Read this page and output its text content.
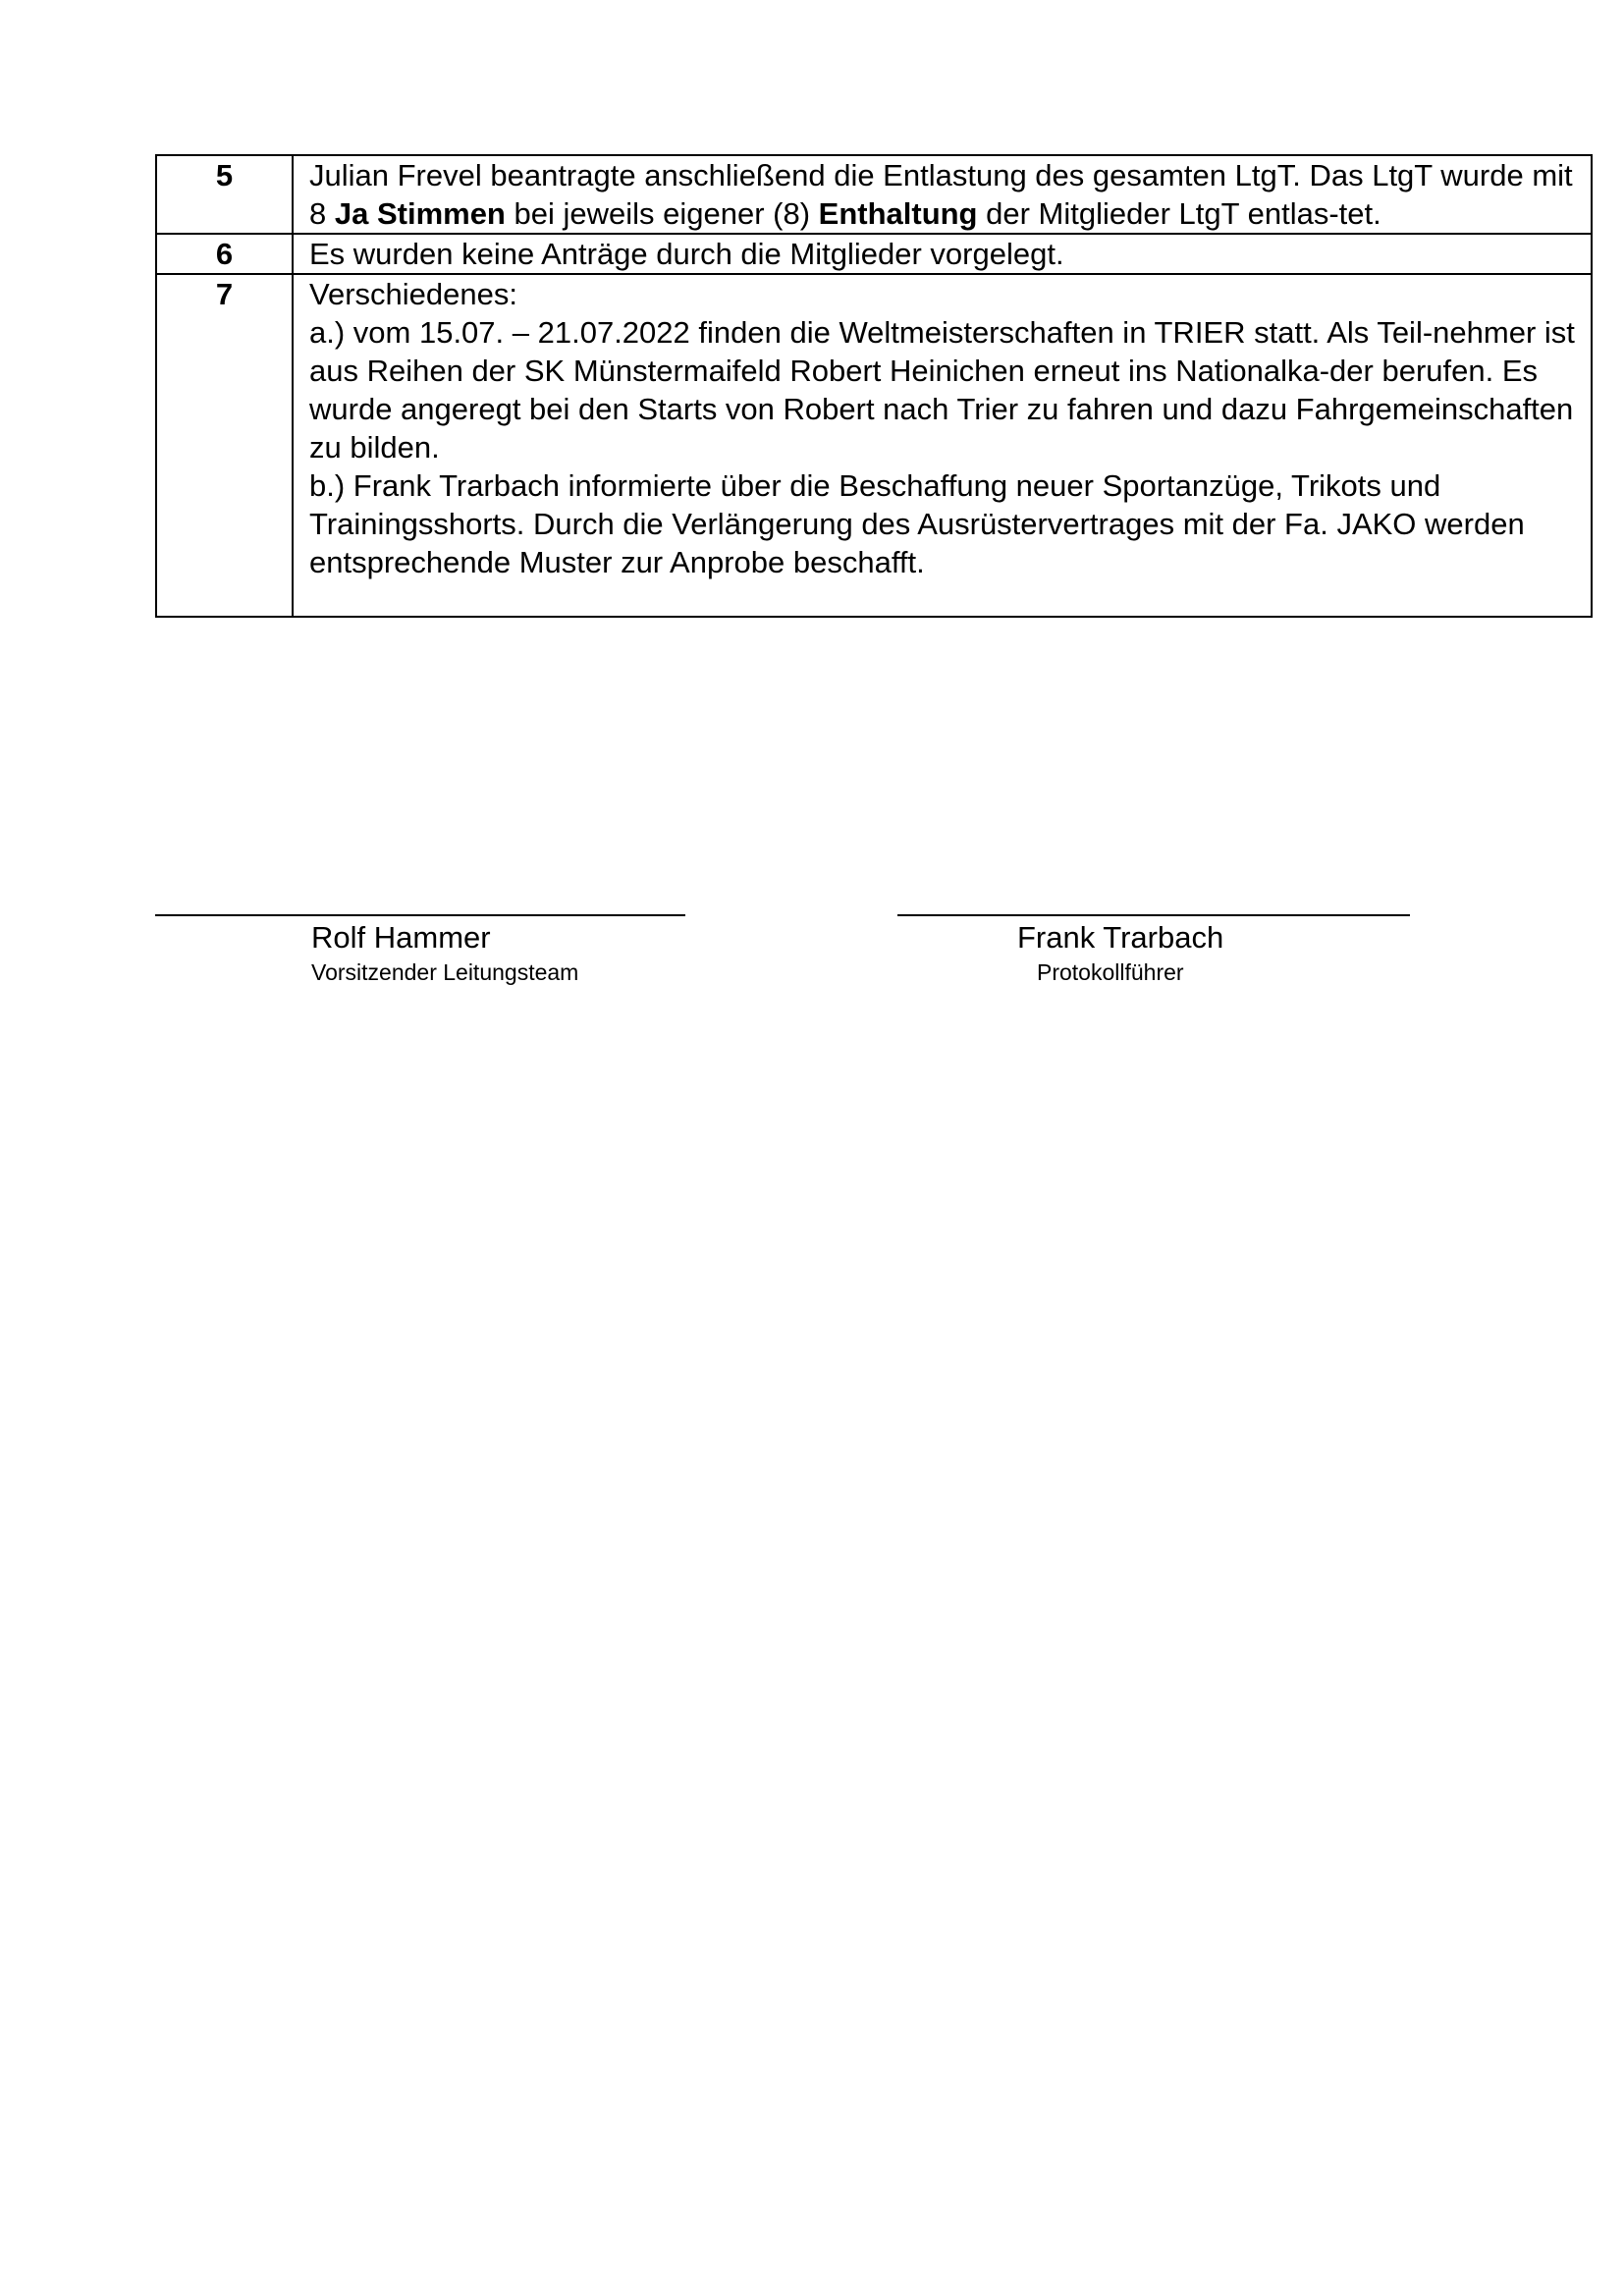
5	Julian Frevel beantragte anschließend die Entlastung des gesamten LtgT. Das LtgT wurde mit 8 Ja Stimmen bei jeweils eigener (8) Enthaltung der Mitglieder LtgT entlas-tet.
6	Es wurden keine Anträge durch die Mitglieder vorgelegt.
7	Verschiedenes:
a.) vom 15.07. – 21.07.2022 finden die Weltmeisterschaften in TRIER statt. Als Teil-nehmer ist aus Reihen der SK Münstermaifeld Robert Heinichen erneut ins Nationalka-der berufen. Es wurde angeregt bei den Starts von Robert nach Trier zu fahren und dazu Fahrgemeinschaften zu bilden.
b.) Frank Trarbach informierte über die Beschaffung neuer Sportanzüge, Trikots und Trainingsshorts. Durch die Verlängerung des Ausrüstervertrages mit der Fa. JAKO werden entsprechende Muster zur Anprobe beschafft.
Rolf Hammer
Vorsitzender Leitungsteam
Frank Trarbach
Protokollführer
